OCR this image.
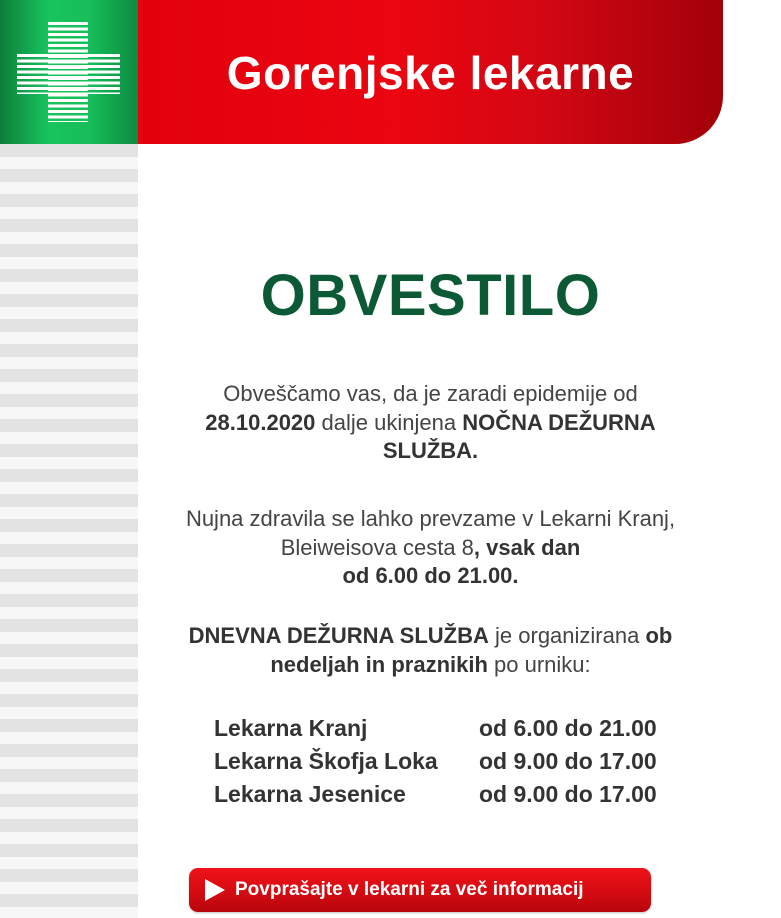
Gorenjske lekarne
OBVESTILO
Obveščamo vas, da je zaradi epidemije od 28.10.2020 dalje ukinjena NOČNA DEŽURNA SLUŽBA.
Nujna zdravila se lahko prevzame v Lekarni Kranj, Bleiweisova cesta 8, vsak dan
od 6.00 do 21.00.
DNEVNA DEŽURNA SLUŽBA je organizirana ob nedeljah in praznikih po urniku:
Lekarna Kranj	od 6.00 do 21.00
Lekarna Škofja Loka	od 9.00 do 17.00
Lekarna Jesenice	od 9.00 do 17.00
Povprašajte v lekarni za več informacij
